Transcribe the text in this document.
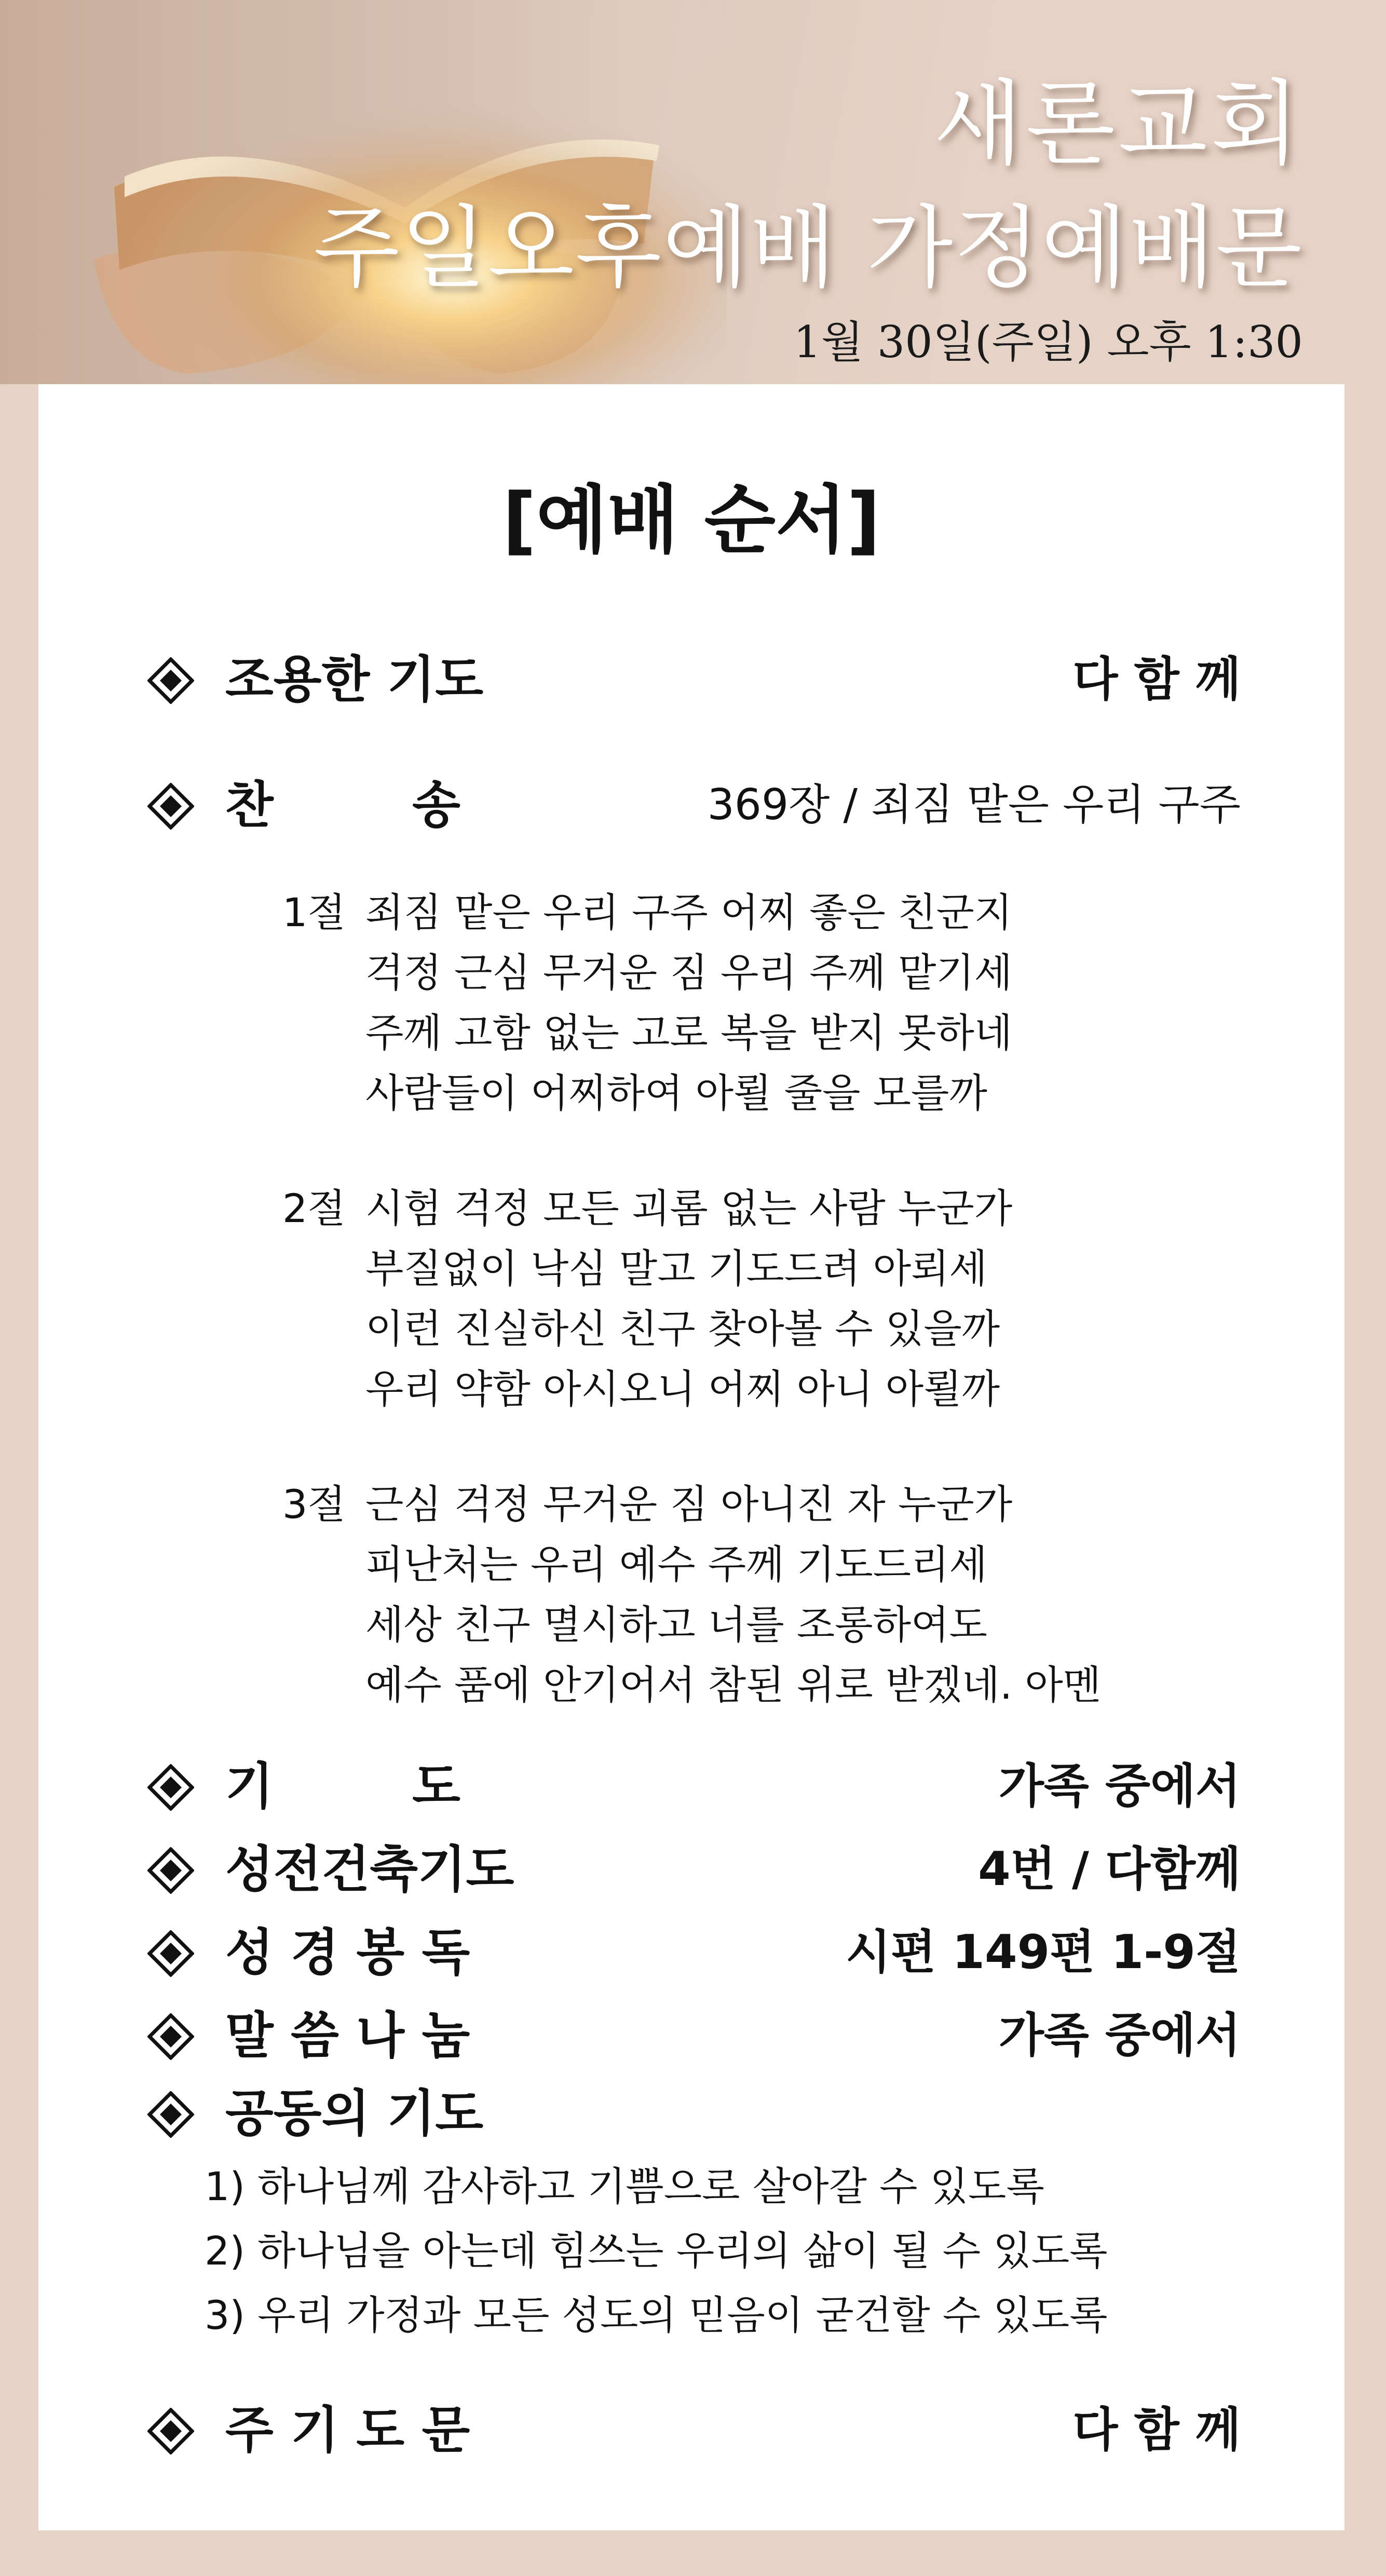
새론교회
주일오후예배 가정예배문
1월 30일(주일) 오후 1:30
[예배 순서]
조용한 기도	다 함 께
찬        송	369장 / 죄짐 맡은 우리 구주
1절 죄짐 맡은 우리 구주 어찌 좋은 친군지
걱정 근심 무거운 짐 우리 주께 맡기세
주께 고함 없는 고로 복을 받지 못하네
사람들이 어찌하여 아뢸 줄을 모를까
2절 시험 걱정 모든 괴롬 없는 사람 누군가
부질없이 낙심 말고 기도드려 아뢰세
이런 진실하신 친구 찾아볼 수 있을까
우리 약함 아시오니 어찌 아니 아뢸까
3절 근심 걱정 무거운 짐 아니진 자 누군가
피난처는 우리 예수 주께 기도드리세
세상 친구 멸시하고 너를 조롱하여도
예수 품에 안기어서 참된 위로 받겠네. 아멘
기        도	가족 중에서
성전건축기도	4번 / 다함께
성 경 봉 독	시편 149편 1-9절
말 씀 나 눔	가족 중에서
공동의 기도
1) 하나님께 감사하고 기쁨으로 살아갈 수 있도록
2) 하나님을 아는데 힘쓰는 우리의 삶이 될 수 있도록
3) 우리 가정과 모든 성도의 믿음이 굳건할 수 있도록
주 기 도 문	다 함 께
